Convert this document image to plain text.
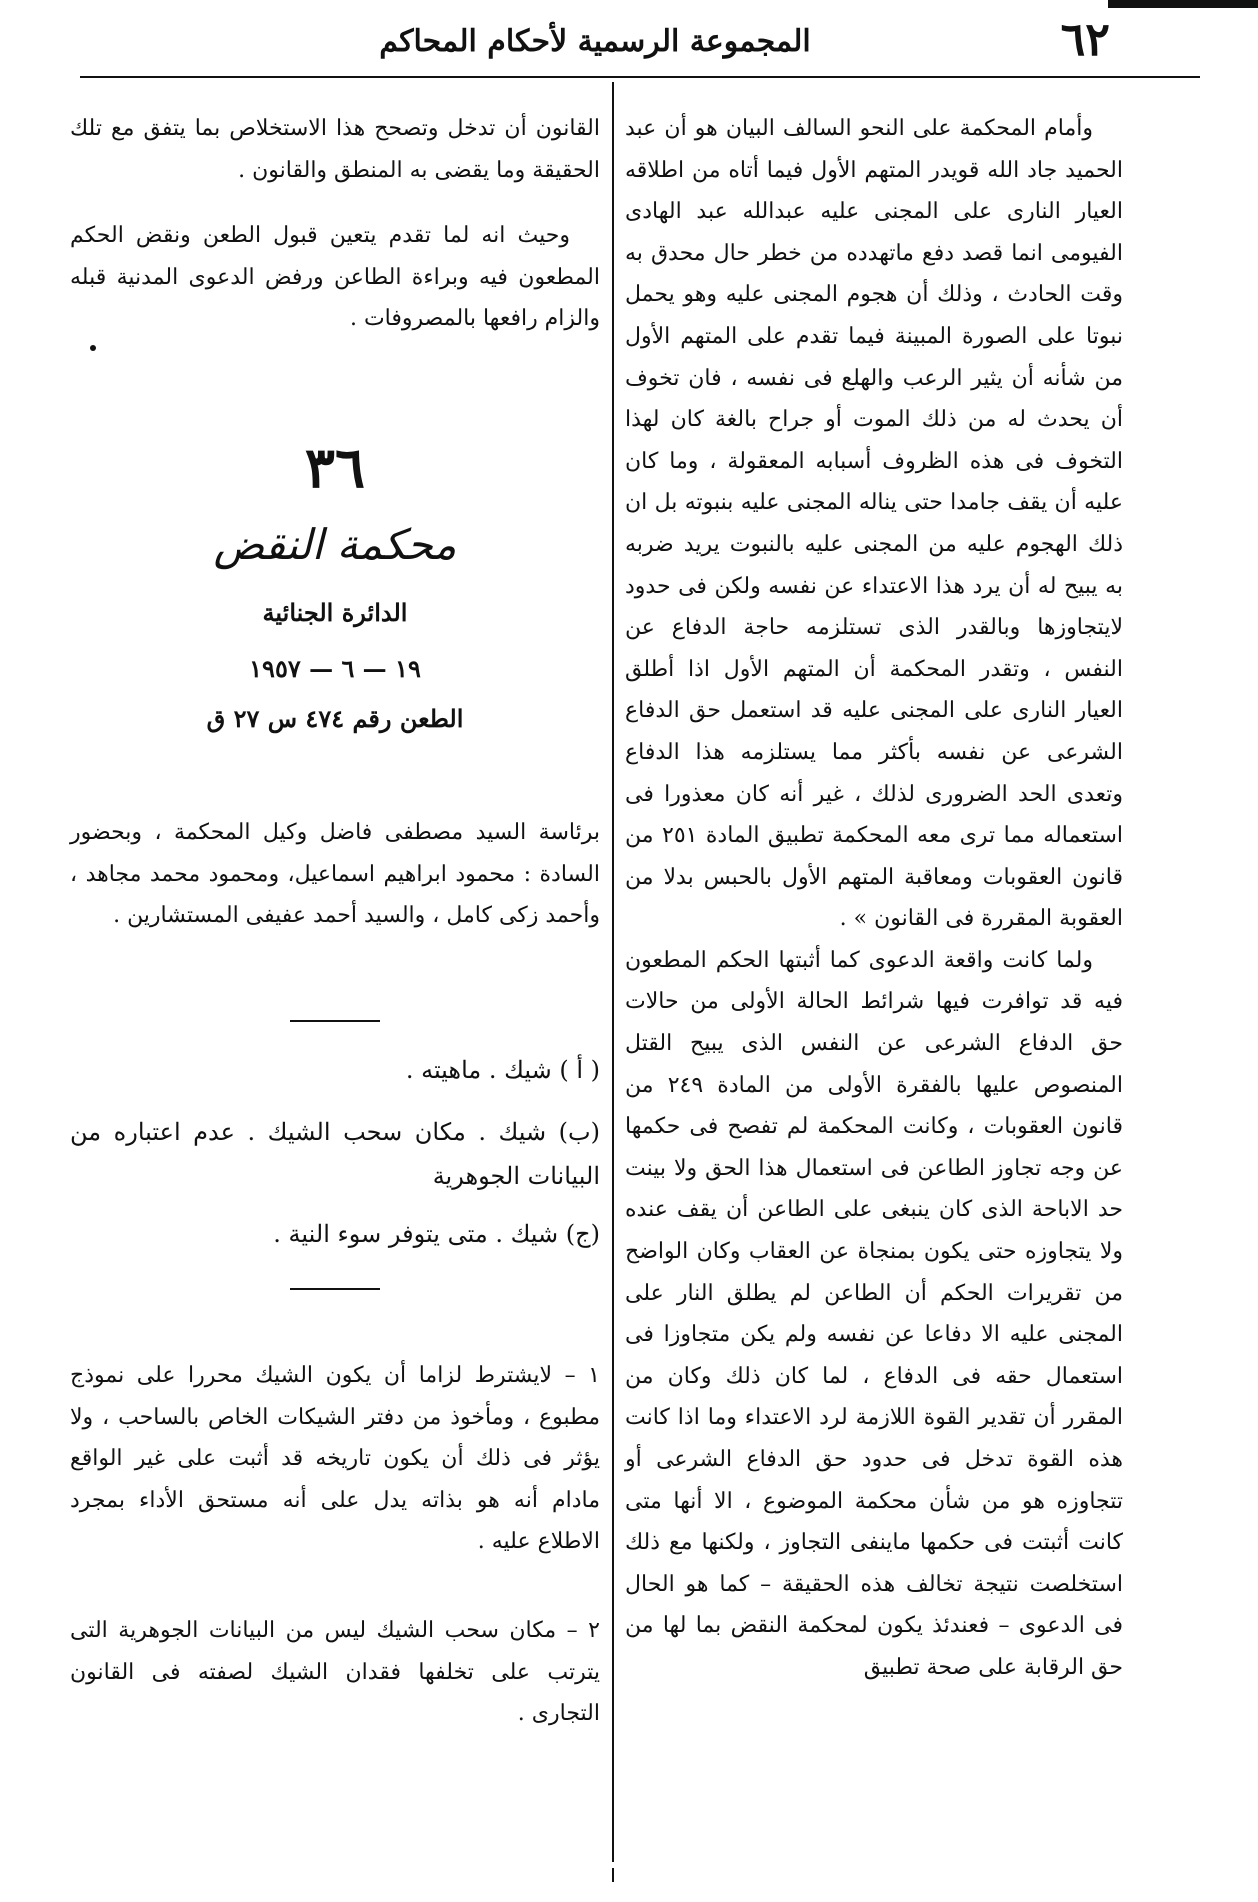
٦٢
المجموعة الرسمية لأحكام المحاكم

وأمام المحكمة على النحو السالف البيان هو أن عبد الحميد جاد الله قويدر المتهم الأول فيما أتاه من اطلاقه العيار النارى على المجنى عليه عبدالله عبد الهادى الفيومى انما قصد دفع ماتهدده من خطر حال محدق به وقت الحادث ، وذلك أن هجوم المجنى عليه وهو يحمل نبوتا على الصورة المبينة فيما تقدم على المتهم الأول من شأنه أن يثير الرعب والهلع فى نفسه ، فان تخوف أن يحدث له من ذلك الموت أو جراح بالغة كان لهذا التخوف فى هذه الظروف أسبابه المعقولة ، وما كان عليه أن يقف جامدا حتى يناله المجنى عليه بنبوته بل ان ذلك الهجوم عليه من المجنى عليه بالنبوت يريد ضربه به يبيح له أن يرد هذا الاعتداء عن نفسه ولكن فى حدود لايتجاوزها وبالقدر الذى تستلزمه حاجة الدفاع عن النفس ، وتقدر المحكمة أن المتهم الأول اذا أطلق العيار النارى على المجنى عليه قد استعمل حق الدفاع الشرعى عن نفسه بأكثر مما يستلزمه هذا الدفاع وتعدى الحد الضرورى لذلك ، غير أنه كان معذورا فى استعماله مما ترى معه المحكمة تطبيق المادة ٢٥١ من قانون العقوبات ومعاقبة المتهم الأول بالحبس بدلا من العقوبة المقررة فى القانون » .

ولما كانت واقعة الدعوى كما أثبتها الحكم المطعون فيه قد توافرت فيها شرائط الحالة الأولى من حالات حق الدفاع الشرعى عن النفس الذى يبيح القتل المنصوص عليها بالفقرة الأولى من المادة ٢٤٩ من قانون العقوبات ، وكانت المحكمة لم تفصح فى حكمها عن وجه تجاوز الطاعن فى استعمال هذا الحق ولا بينت حد الاباحة الذى كان ينبغى على الطاعن أن يقف عنده ولا يتجاوزه حتى يكون بمنجاة عن العقاب وكان الواضح من تقريرات الحكم أن الطاعن لم يطلق النار على المجنى عليه الا دفاعا عن نفسه ولم يكن متجاوزا فى استعمال حقه فى الدفاع ، لما كان ذلك وكان من المقرر أن تقدير القوة اللازمة لرد الاعتداء وما اذا كانت هذه القوة تدخل فى حدود حق الدفاع الشرعى أو تتجاوزه هو من شأن محكمة الموضوع ، الا أنها متى كانت أثبتت فى حكمها ماينفى التجاوز ، ولكنها مع ذلك استخلصت نتيجة تخالف هذه الحقيقة – كما هو الحال فى الدعوى – فعندئذ يكون لمحكمة النقض بما لها من حق الرقابة على صحة تطبيق

القانون أن تدخل وتصحح هذا الاستخلاص بما يتفق مع تلك الحقيقة وما يقضى به المنطق والقانون .

وحيث انه لما تقدم يتعين قبول الطعن ونقض الحكم المطعون فيه وبراءة الطاعن ورفض الدعوى المدنية قبله والزام رافعها بالمصروفات .

٣٦
محكمة النقض
الدائرة الجنائية
١٩ — ٦ — ١٩٥٧
الطعن رقم ٤٧٤ س ٢٧ ق
برئاسة السيد مصطفى فاضل وكيل المحكمة ، وبحضور السادة : محمود ابراهيم اسماعيل، ومحمود محمد مجاهد ، وأحمد زكى كامل ، والسيد أحمد عفيفى المستشارين .
( أ ) شيك . ماهيته .
(ب) شيك . مكان سحب الشيك . عدم اعتباره من البيانات الجوهرية
(ج) شيك . متى يتوفر سوء النية .
١ – لايشترط لزاما أن يكون الشيك محررا على نموذج مطبوع ، ومأخوذ من دفتر الشيكات الخاص بالساحب ، ولا يؤثر فى ذلك أن يكون تاريخه قد أثبت على غير الواقع مادام أنه هو بذاته يدل على أنه مستحق الأداء بمجرد الاطلاع عليه .
٢ – مكان سحب الشيك ليس من البيانات الجوهرية التى يترتب على تخلفها فقدان الشيك لصفته فى القانون التجارى .
